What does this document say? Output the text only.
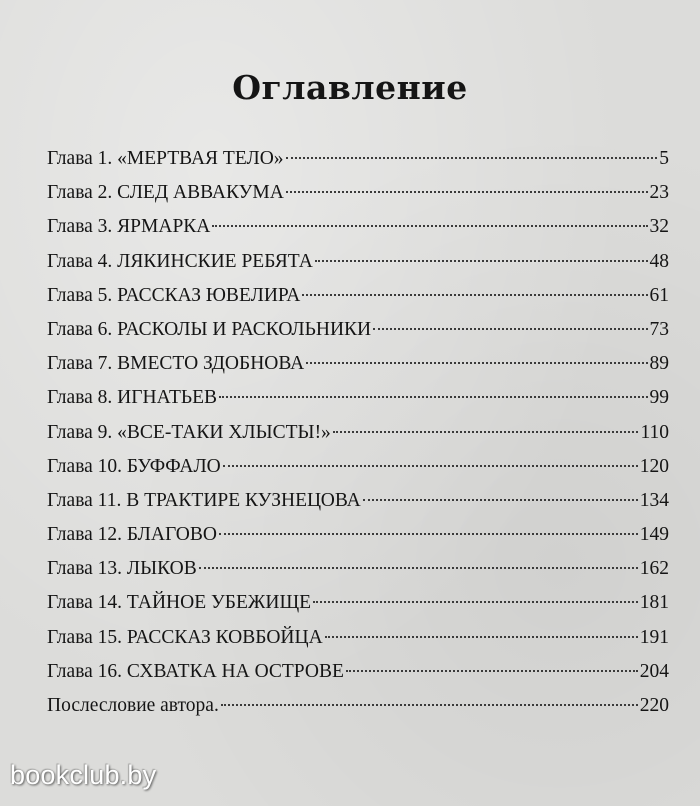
Оглавление
Глава 1. «МЕРТВАЯ ТЕЛО»	5
Глава 2. СЛЕД АВВАКУМА	23
Глава 3. ЯРМАРКА	32
Глава 4. ЛЯКИНСКИЕ РЕБЯТА	48
Глава 5. РАССКАЗ ЮВЕЛИРА	61
Глава 6. РАСКОЛЫ И РАСКОЛЬНИКИ	73
Глава 7. ВМЕСТО ЗДОБНОВА	89
Глава 8. ИГНАТЬЕВ	99
Глава 9. «ВСЕ-ТАКИ ХЛЫСТЫ!»	110
Глава 10. БУФФАЛО	120
Глава 11. В ТРАКТИРЕ КУЗНЕЦОВА	134
Глава 12. БЛАГОВО	149
Глава 13. ЛЫКОВ	162
Глава 14. ТАЙНОЕ УБЕЖИЩЕ	181
Глава 15. РАССКАЗ КОВБОЙЦА	191
Глава 16. СХВАТКА НА ОСТРОВЕ	204
Послесловие автора.	220
bookclub.by
